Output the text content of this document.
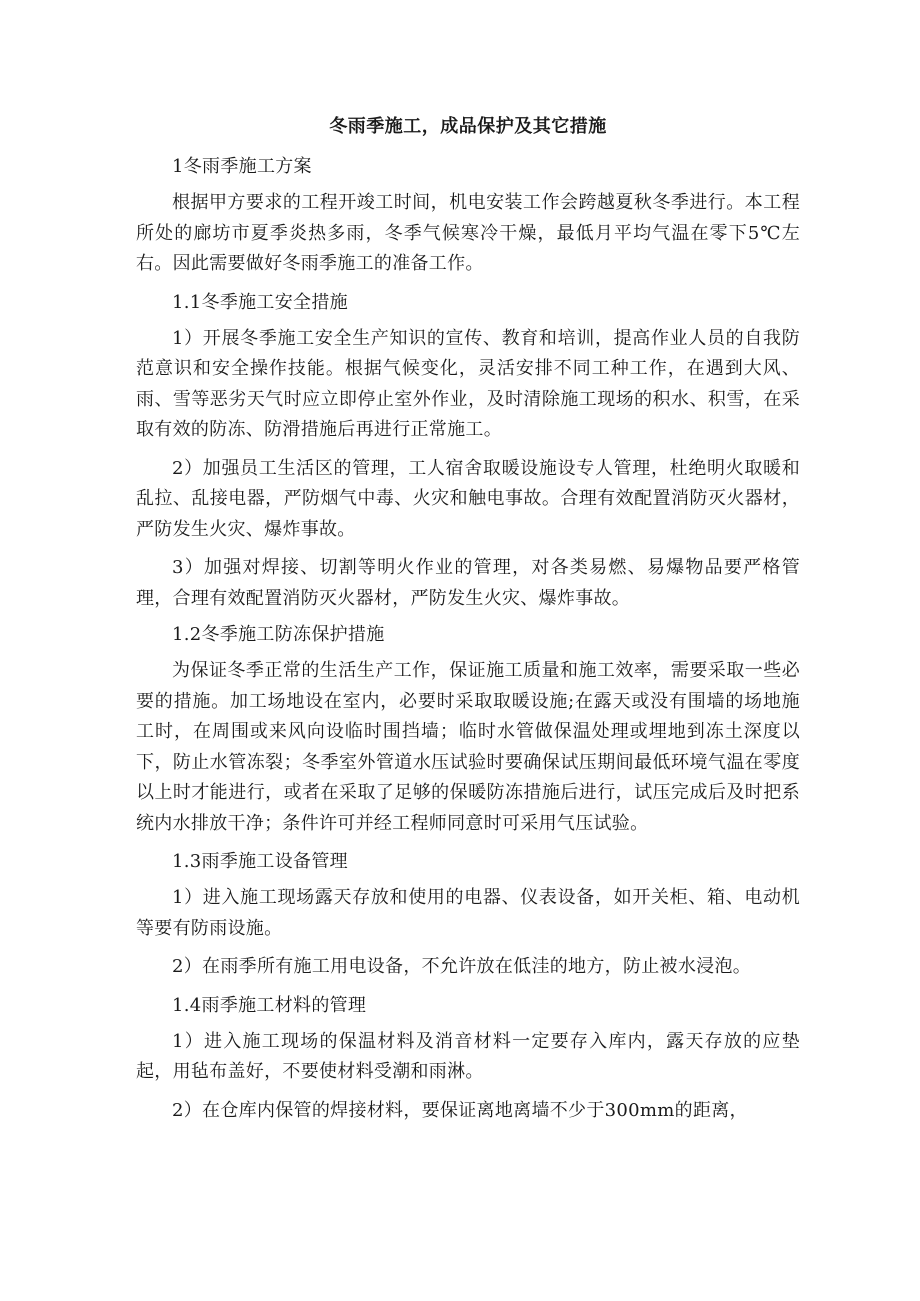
冬雨季施工，成品保护及其它措施
1冬雨季施工方案
根据甲方要求的工程开竣工时间，机电安装工作会跨越夏秋冬季进行。本工程所处的廊坊市夏季炎热多雨，冬季气候寒冷干燥，最低月平均气温在零下5℃左右。因此需要做好冬雨季施工的准备工作。
1.1冬季施工安全措施
1）开展冬季施工安全生产知识的宣传、教育和培训，提高作业人员的自我防范意识和安全操作技能。根据气候变化，灵活安排不同工种工作，在遇到大风、雨、雪等恶劣天气时应立即停止室外作业，及时清除施工现场的积水、积雪，在采取有效的防冻、防滑措施后再进行正常施工。
2）加强员工生活区的管理，工人宿舍取暖设施设专人管理，杜绝明火取暖和乱拉、乱接电器，严防烟气中毒、火灾和触电事故。合理有效配置消防灭火器材，严防发生火灾、爆炸事故。
3）加强对焊接、切割等明火作业的管理，对各类易燃、易爆物品要严格管理，合理有效配置消防灭火器材，严防发生火灾、爆炸事故。
1.2冬季施工防冻保护措施
为保证冬季正常的生活生产工作，保证施工质量和施工效率，需要采取一些必要的措施。加工场地设在室内，必要时采取取暖设施;在露天或没有围墙的场地施工时，在周围或来风向设临时围挡墙；临时水管做保温处理或埋地到冻土深度以下，防止水管冻裂；冬季室外管道水压试验时要确保试压期间最低环境气温在零度以上时才能进行，或者在采取了足够的保暖防冻措施后进行，试压完成后及时把系统内水排放干净；条件许可并经工程师同意时可采用气压试验。
1.3雨季施工设备管理
1）进入施工现场露天存放和使用的电器、仪表设备，如开关柜、箱、电动机等要有防雨设施。
2）在雨季所有施工用电设备，不允许放在低洼的地方，防止被水浸泡。
1.4雨季施工材料的管理
1）进入施工现场的保温材料及消音材料一定要存入库内，露天存放的应垫起，用毡布盖好，不要使材料受潮和雨淋。
2）在仓库内保管的焊接材料，要保证离地离墙不少于300mm的距离，
